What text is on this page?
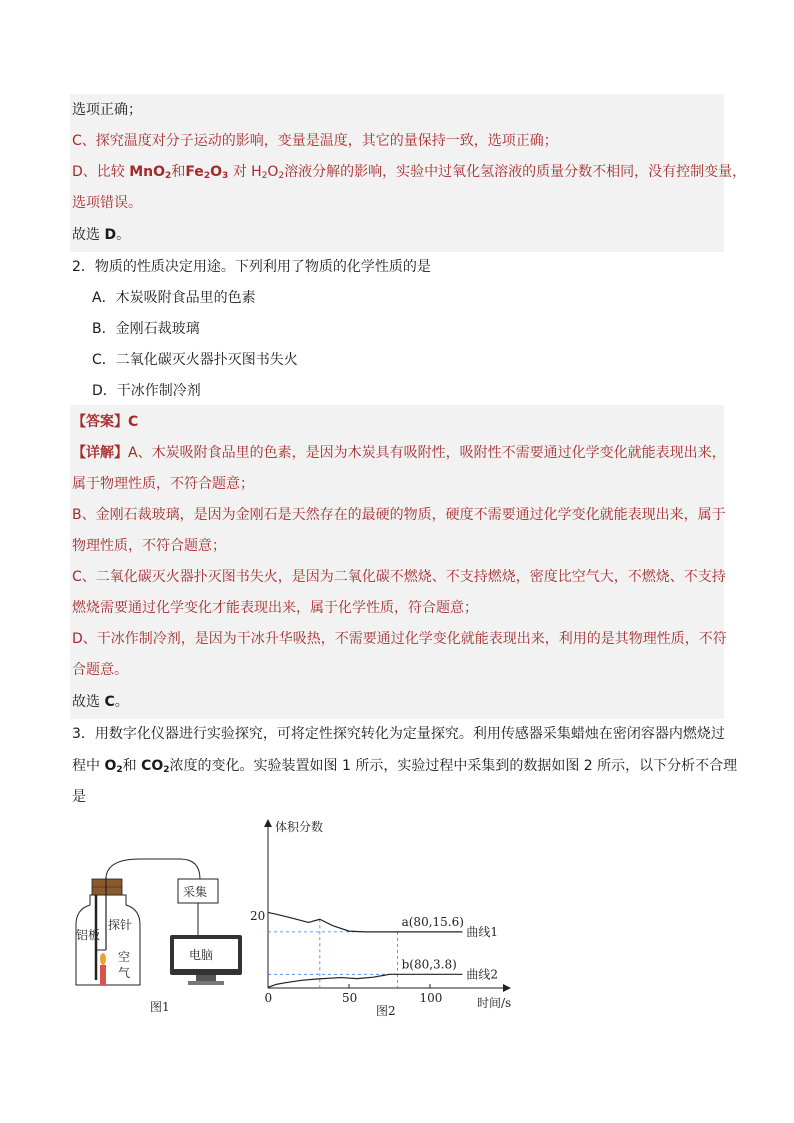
选项正确；
C、探究温度对分子运动的影响，变量是温度，其它的量保持一致，选项正确；
D、比较 MnO$_2$和$Fe_2O_3$ 对 $H_2O_2$溶液分解的影响，实验中过氧化氢溶液的质量分数不相同，没有控制变量，
选项错误。
故选 D。
2．物质的性质决定用途。下列利用了物质的化学性质的是
A．木炭吸附食品里的色素
B．金刚石裁玻璃
C．二氧化碳灭火器扑灭图书失火
D．干冰作制冷剂
【答案】C
【详解】A、木炭吸附食品里的色素，是因为木炭具有吸附性，吸附性不需要通过化学变化就能表现出来，
属于物理性质，不符合题意；
B、金刚石裁玻璃，是因为金刚石是天然存在的最硬的物质，硬度不需要通过化学变化就能表现出来，属于
物理性质，不符合题意；
C、二氧化碳灭火器扑灭图书失火，是因为二氧化碳不燃烧、不支持燃烧，密度比空气大，不燃烧、不支持
燃烧需要通过化学变化才能表现出来，属于化学性质，符合题意；
D、干冰作制冷剂，是因为干冰升华吸热，不需要通过化学变化就能表现出来，利用的是其物理性质，不符
合题意。
故选 C。
3．用数字化仪器进行实验探究，可将定性探究转化为定量探究。利用传感器采集蜡烛在密闭容器内燃烧过
程中 $O_2$和 $CO_2$浓度的变化。实验装置如图 1 所示，实验过程中采集到的数据如图 2 所示，以下分析不合理
是
探针
铝板
空
气
采集
电脑
图1
体积分数
时间/s
0	50	100
20
曲线1
曲线2
a(80,15.6)
b(80,3.8)
图2
